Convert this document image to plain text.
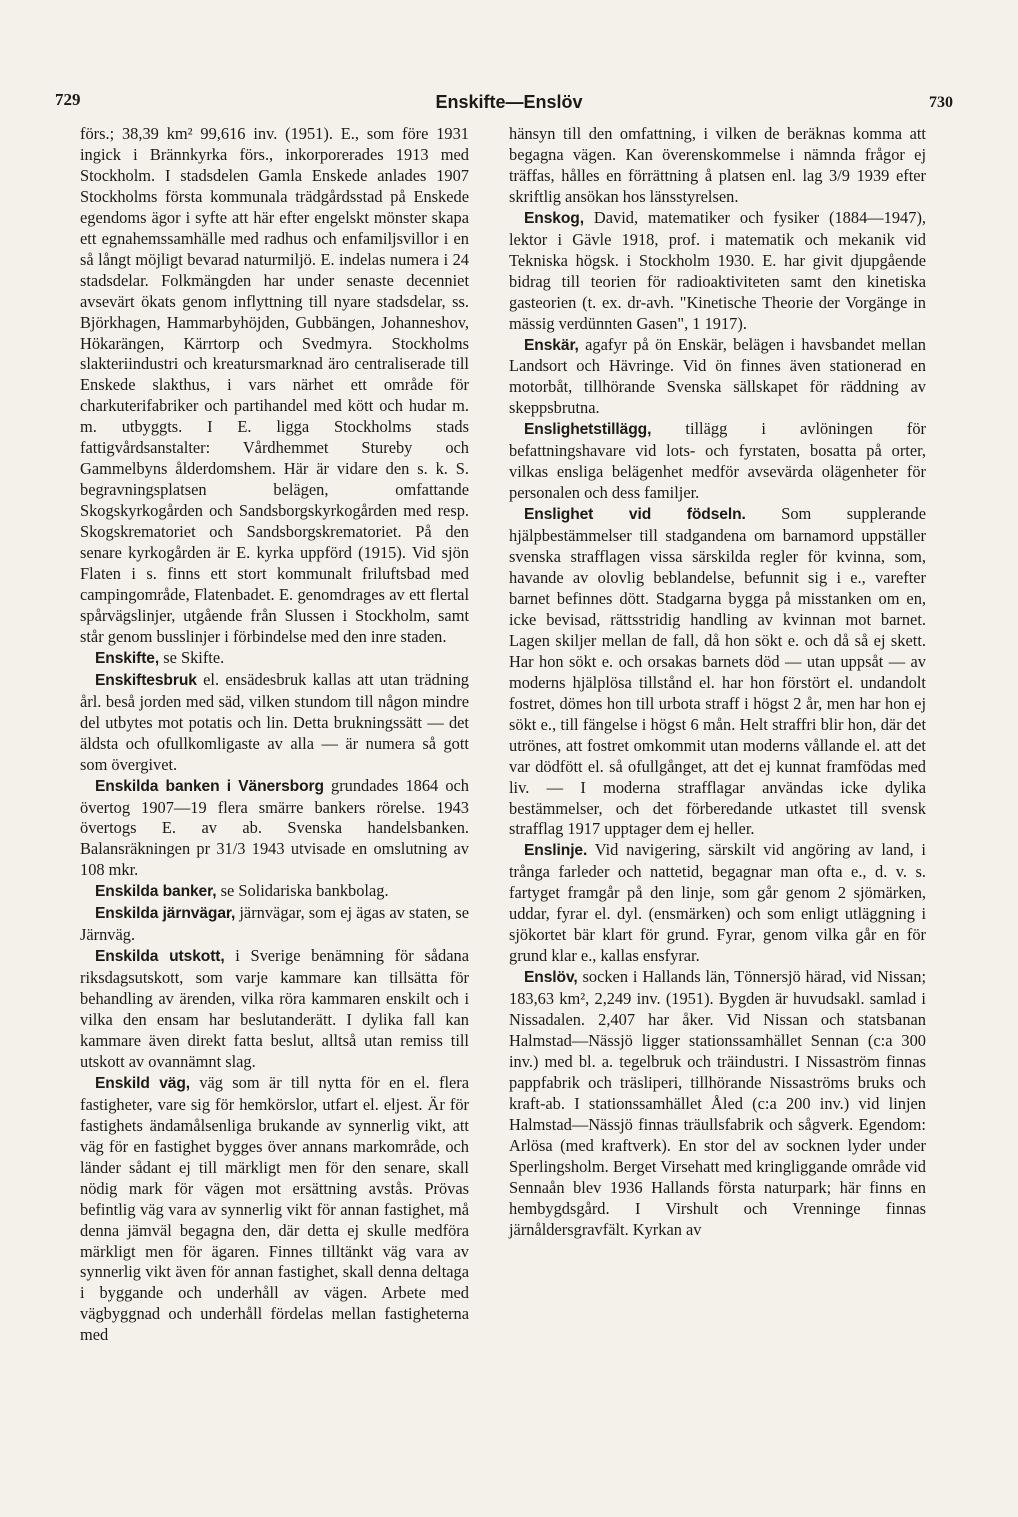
729	Enskifte—Enslöv	730

förs.; 38,39 km² 99,616 inv. (1951). E., som före 1931 ingick i Brännkyrka förs., inkorporerades 1913 med Stockholm. I stadsdelen Gamla Enskede anlades 1907 Stockholms första kommunala trädgårdsstad på Enskede egendoms ägor i syfte att här efter engelskt mönster skapa ett egnahemssamhälle med radhus och enfamiljsvillor i en så långt möjligt bevarad naturmiljö. E. indelas numera i 24 stadsdelar. Folkmängden har under senaste decenniet avsevärt ökats genom inflyttning till nyare stadsdelar, ss. Björkhagen, Hammarbyhöjden, Gubbängen, Johanneshov, Hökarängen, Kärrtorp och Svedmyra. Stockholms slakteriindustri och kreatursmarknad äro centraliserade till Enskede slakthus, i vars närhet ett område för charkuterifabriker och partihandel med kött och hudar m. m. utbyggts. I E. ligga Stockholms stads fattigvårdsanstalter: Vårdhemmet Stureby och Gammelbyns ålderdomshem. Här är vidare den s. k. S. begravningsplatsen belägen, omfattande Skogskyrkogården och Sandsborgskyrkogården med resp. Skogskrematoriet och Sandsborgskrematoriet. På den senare kyrkogården är E. kyrka uppförd (1915). Vid sjön Flaten i s. finns ett stort kommunalt friluftsbad med campingområde, Flatenbadet. E. genomdrages av ett flertal spårvägslinjer, utgående från Slussen i Stockholm, samt står genom busslinjer i förbindelse med den inre staden.

Enskifte, se Skifte.

Enskiftesbruk el. ensädesbruk kallas att utan trädning årl. beså jorden med säd, vilken stundom till någon mindre del utbytes mot potatis och lin. Detta brukningssätt — det äldsta och ofullkomligaste av alla — är numera så gott som övergivet.

Enskilda banken i Vänersborg grundades 1864 och övertog 1907—19 flera smärre bankers rörelse. 1943 övertogs E. av ab. Svenska handelsbanken. Balansräkningen pr 31/3 1943 utvisade en omslutning av 108 mkr.

Enskilda banker, se Solidariska bankbolag.

Enskilda järnvägar, järnvägar, som ej ägas av staten, se Järnväg.

Enskilda utskott, i Sverige benämning för sådana riksdagsutskott, som varje kammare kan tillsätta för behandling av ärenden, vilka röra kammaren enskilt och i vilka den ensam har beslutanderätt. I dylika fall kan kammare även direkt fatta beslut, alltså utan remiss till utskott av ovannämnt slag.

Enskild väg, väg som är till nytta för en el. flera fastigheter, vare sig för hemkörslor, utfart el. eljest. Är för fastighets ändamålsenliga brukande av synnerlig vikt, att väg för en fastighet bygges över annans markområde, och länder sådant ej till märkligt men för den senare, skall nödig mark för vägen mot ersättning avstås. Prövas befintlig väg vara av synnerlig vikt för annan fastighet, må denna jämväl begagna den, där detta ej skulle medföra märkligt men för ägaren. Finnes tilltänkt väg vara av synnerlig vikt även för annan fastighet, skall denna deltaga i byggande och underhåll av vägen. Arbete med vägbyggnad och underhåll fördelas mellan fastigheterna med

hänsyn till den omfattning, i vilken de beräknas komma att begagna vägen. Kan överenskommelse i nämnda frågor ej träffas, hålles en förrättning å platsen enl. lag 3/9 1939 efter skriftlig ansökan hos länsstyrelsen.

Enskog, David, matematiker och fysiker (1884—1947), lektor i Gävle 1918, prof. i matematik och mekanik vid Tekniska högsk. i Stockholm 1930. E. har givit djupgående bidrag till teorien för radioaktiviteten samt den kinetiska gasteorien (t. ex. dr-avh. "Kinetische Theorie der Vorgänge in mässig verdünnten Gasen", 1 1917).

Enskär, agafyr på ön Enskär, belägen i havsbandet mellan Landsort och Hävringe. Vid ön finnes även stationerad en motorbåt, tillhörande Svenska sällskapet för räddning av skeppsbrutna.

Enslighetstillägg, tillägg i avlöningen för befattningshavare vid lots- och fyrstaten, bosatta på orter, vilkas ensliga belägenhet medför avsevärda olägenheter för personalen och dess familjer.

Enslighet vid födseln. Som supplerande hjälpbestämmelser till stadgandena om barnamord uppställer svenska strafflagen vissa särskilda regler för kvinna, som, havande av olovlig beblandelse, befunnit sig i e., varefter barnet befinnes dött. Stadgarna bygga på misstanken om en, icke bevisad, rättsstridig handling av kvinnan mot barnet. Lagen skiljer mellan de fall, då hon sökt e. och då så ej skett. Har hon sökt e. och orsakas barnets död — utan uppsåt — av moderns hjälplösa tillstånd el. har hon förstört el. undandolt fostret, dömes hon till urbota straff i högst 2 år, men har hon ej sökt e., till fängelse i högst 6 mån. Helt straffri blir hon, där det utrönes, att fostret omkommit utan moderns vållande el. att det var dödfött el. så ofullgånget, att det ej kunnat framfödas med liv. — I moderna strafflagar användas icke dylika bestämmelser, och det förberedande utkastet till svensk strafflag 1917 upptager dem ej heller.

Enslinje. Vid navigering, särskilt vid angöring av land, i trånga farleder och nattetid, begagnar man ofta e., d. v. s. fartyget framgår på den linje, som går genom 2 sjömärken, uddar, fyrar el. dyl. (ensmärken) och som enligt utläggning i sjökortet bär klart för grund. Fyrar, genom vilka går en för grund klar e., kallas ensfyrar.

Enslöv, socken i Hallands län, Tönnersjö härad, vid Nissan; 183,63 km², 2,249 inv. (1951). Bygden är huvudsakl. samlad i Nissadalen. 2,407 har åker. Vid Nissan och statsbanan Halmstad—Nässjö ligger stationssamhället Sennan (c:a 300 inv.) med bl. a. tegelbruk och träindustri. I Nissaström finnas pappfabrik och träsliperi, tillhörande Nissaströms bruks och kraft-ab. I stationssamhället Åled (c:a 200 inv.) vid linjen Halmstad—Nässjö finnas träullsfabrik och sågverk. Egendom: Arlösa (med kraftverk). En stor del av socknen lyder under Sperlingsholm. Berget Virsehatt med kringliggande område vid Sennaån blev 1936 Hallands första naturpark; här finns en hembygdsgård. I Virshult och Vrenninge finnas järnåldersgravfält. Kyrkan av
